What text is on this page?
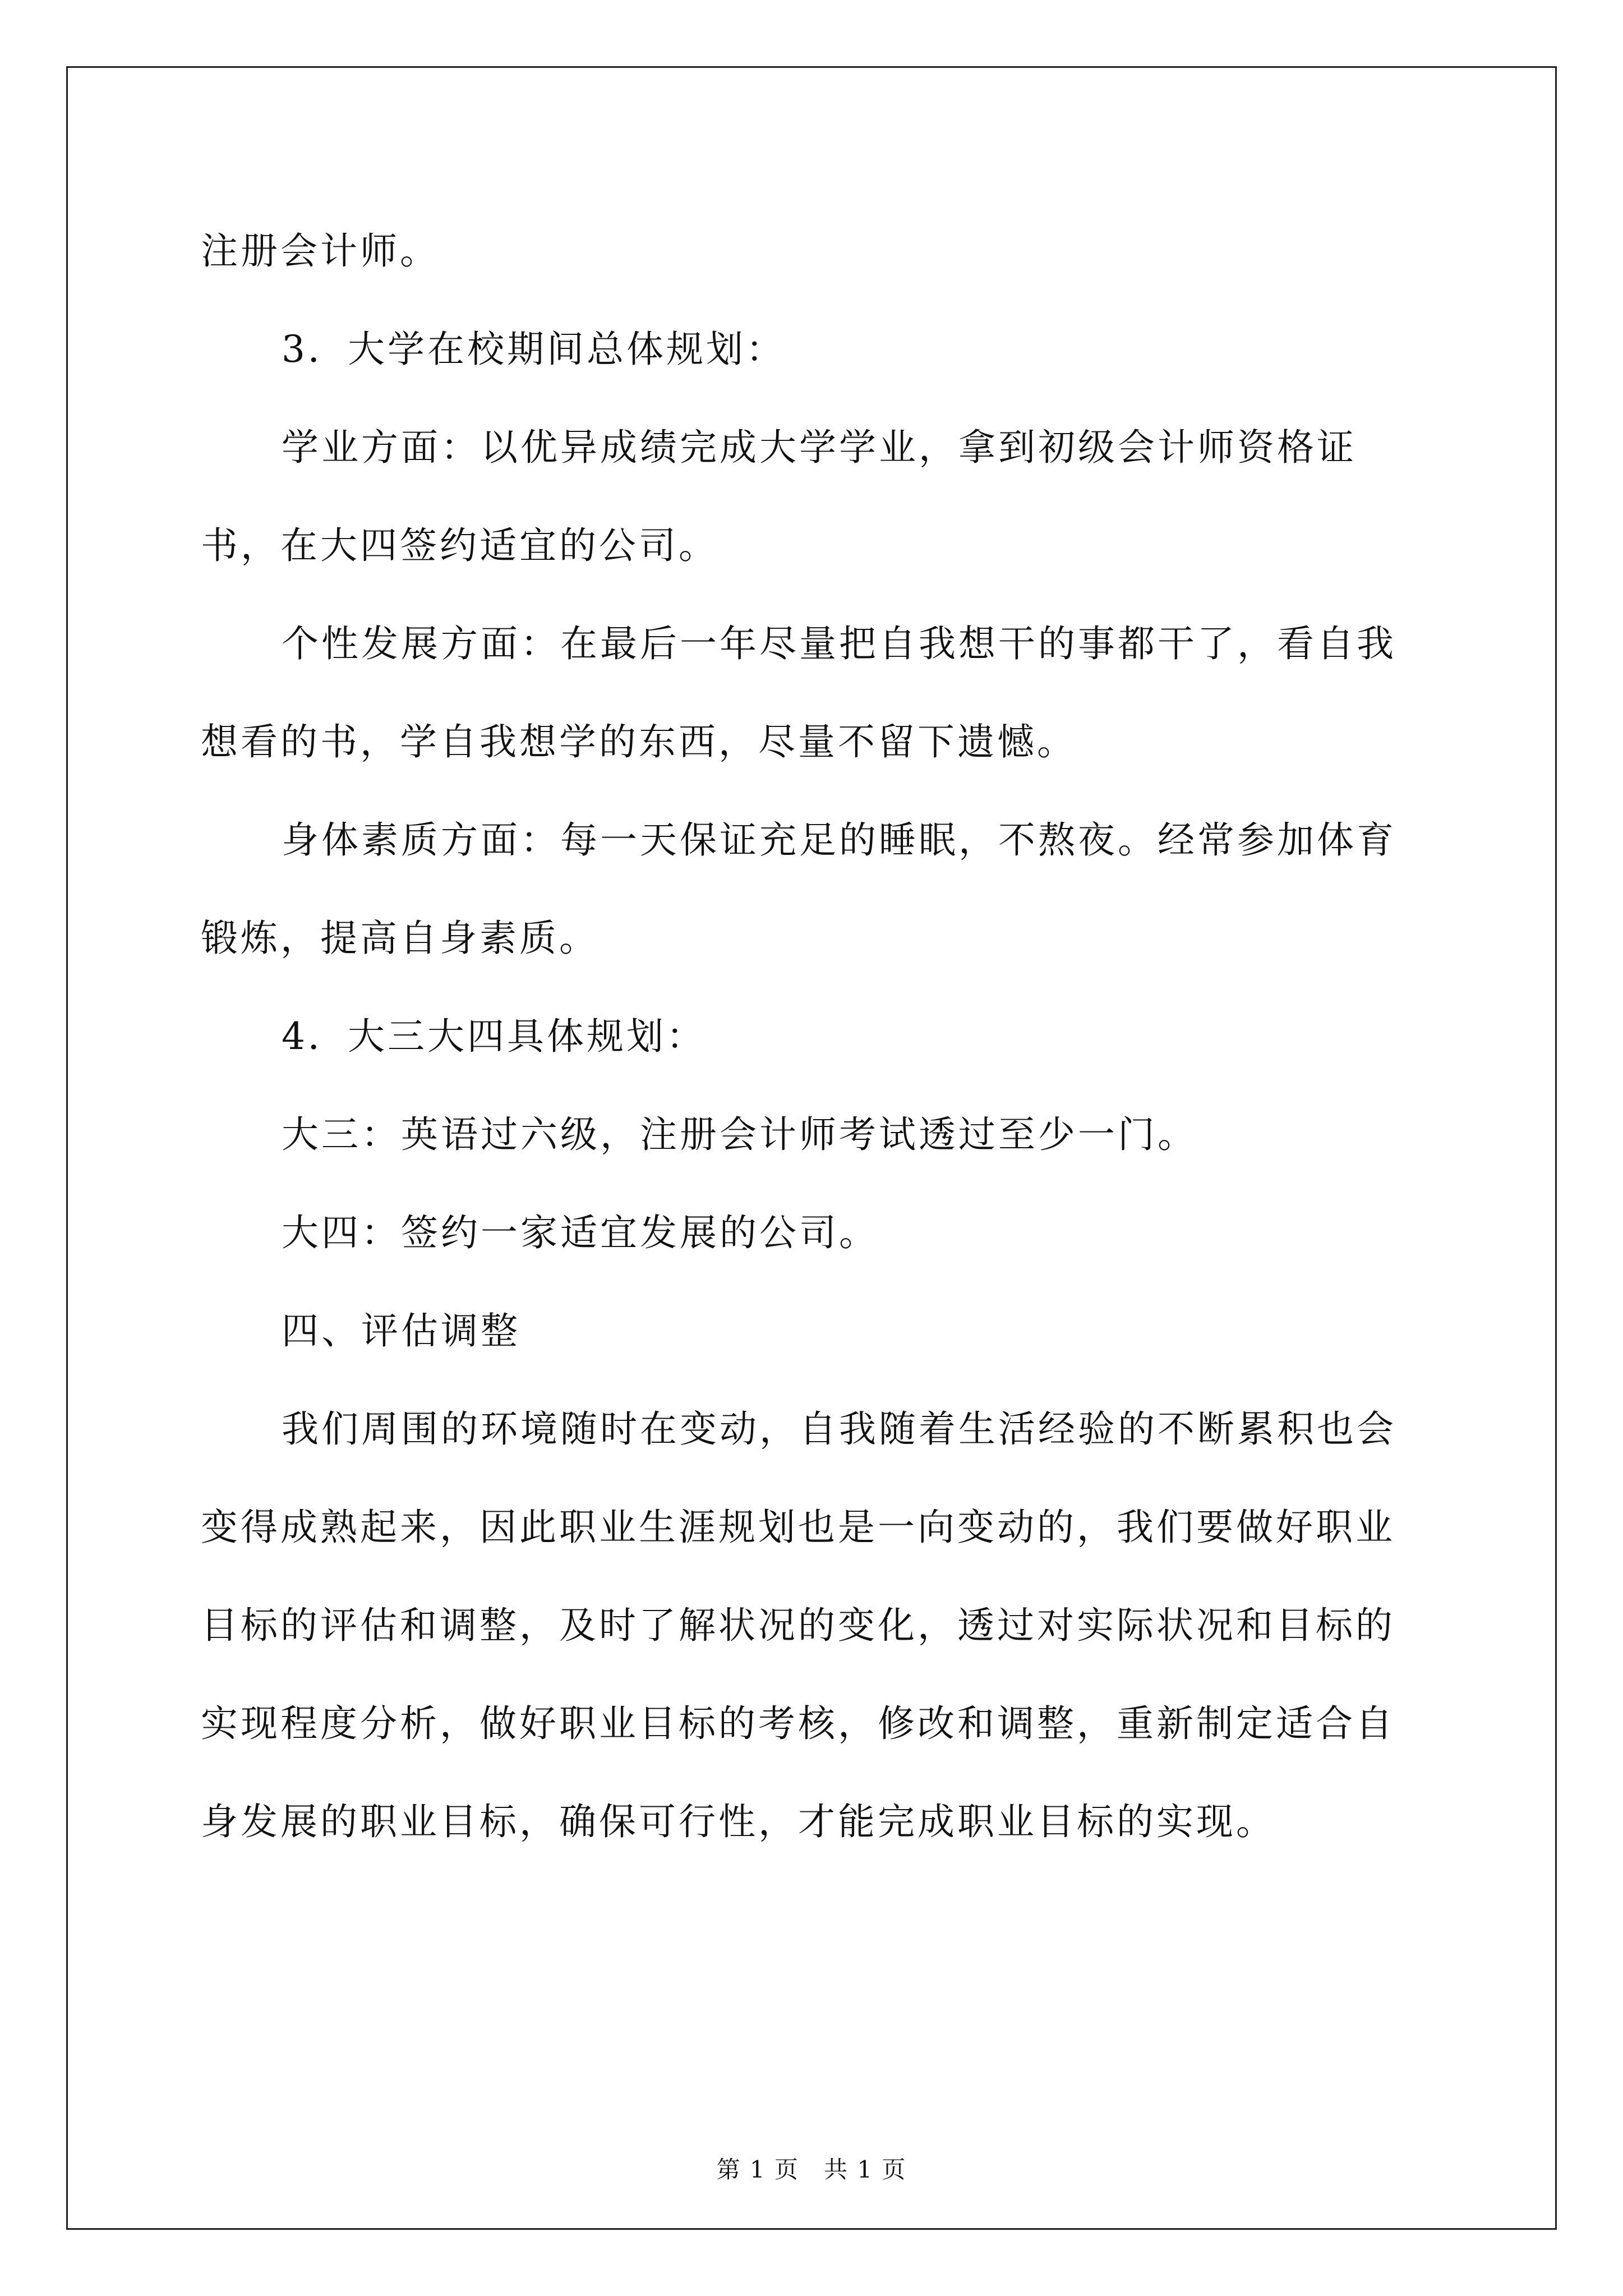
注册会计师。

3．大学在校期间总体规划：

学业方面：以优异成绩完成大学学业，拿到初级会计师资格证书，在大四签约适宜的公司。

个性发展方面：在最后一年尽量把自我想干的事都干了，看自我想看的书，学自我想学的东西，尽量不留下遗憾。

身体素质方面：每一天保证充足的睡眠，不熬夜。经常参加体育锻炼，提高自身素质。

4．大三大四具体规划：

大三：英语过六级，注册会计师考试透过至少一门。

大四：签约一家适宜发展的公司。

四、评估调整

我们周围的环境随时在变动，自我随着生活经验的不断累积也会变得成熟起来，因此职业生涯规划也是一向变动的，我们要做好职业目标的评估和调整，及时了解状况的变化，透过对实际状况和目标的实现程度分析，做好职业目标的考核，修改和调整，重新制定适合自身发展的职业目标，确保可行性，才能完成职业目标的实现。

第 1 页　共 1 页
